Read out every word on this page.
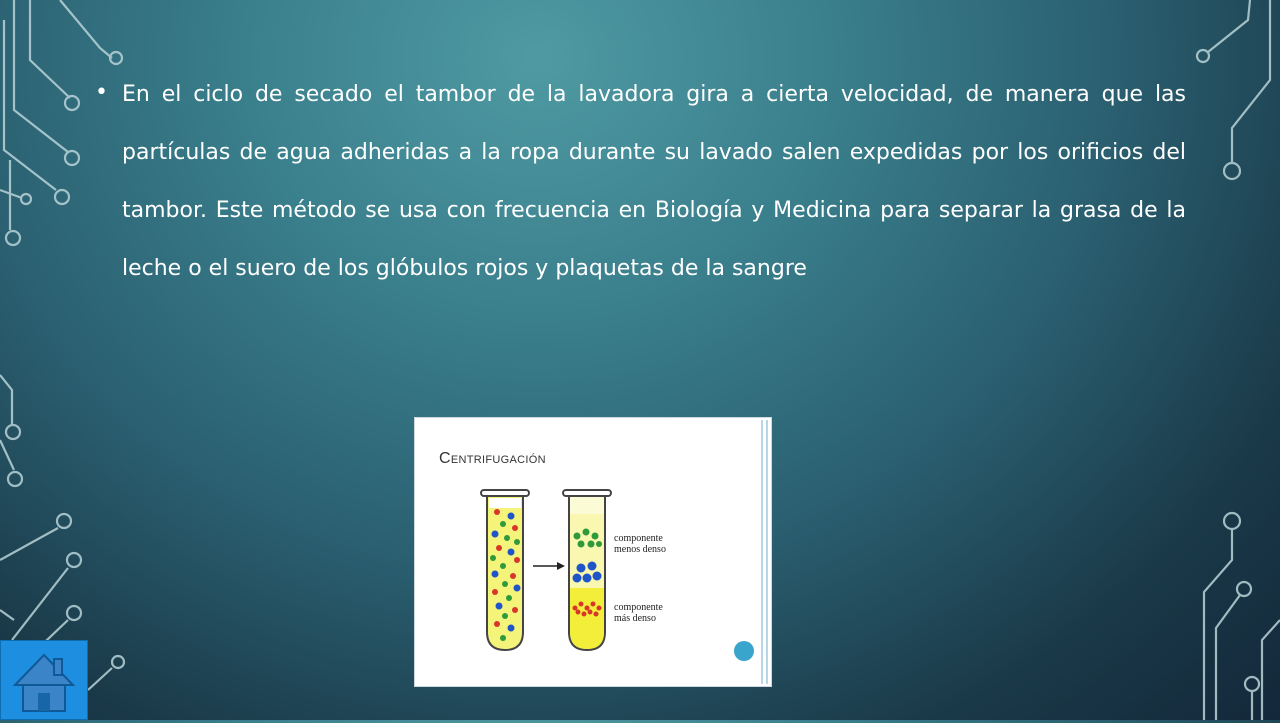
• En el ciclo de secado el tambor de la lavadora gira a cierta velocidad, de manera que las partículas de agua adheridas a la ropa durante su lavado salen expedidas por los orificios del tambor. Este método se usa con frecuencia en Biología y Medicina para separar la grasa de la leche o el suero de los glóbulos rojos y plaquetas de la sangre
Centrifugación
componente
menos denso
componente
más denso
